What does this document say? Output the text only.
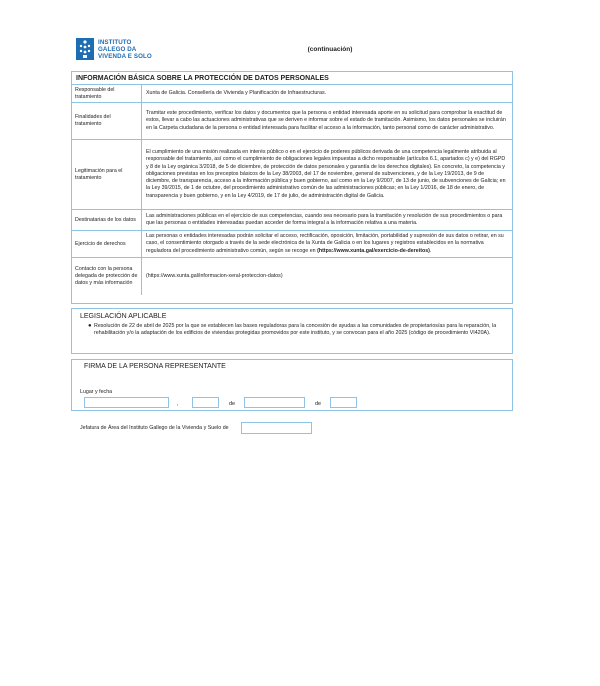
INSTITUTO
GALEGO DA
VIVENDA E SOLO
(continuación)
INFORMACIÓN BÁSICA SOBRE LA PROTECCIÓN DE DATOS PERSONALES
Responsable del tratamiento
Xunta de Galicia. Consellería de Vivienda y Planificación de Infraestructuras.
Finalidades del tratamiento
Tramitar este procedimiento, verificar los datos y documentos que la persona o entidad interesada aporte en su solicitud para comprobar la exactitud de estos, llevar a cabo las actuaciones administrativas que se deriven e informar sobre el estado de tramitación. Asimismo, los datos personales se incluirán en la Carpeta ciudadana de la persona o entidad interesada para facilitar el acceso a la información, tanto personal como de carácter administrativo.
Legitimación para el tratamiento
El cumplimiento de una misión realizada en interés público o en el ejercicio de poderes públicos derivada de una competencia legalmente atribuida al responsable del tratamiento, así como el cumplimiento de obligaciones legales impuestas a dicho responsable (artículos 6.1, apartados c) y e) del RGPD y 8 de la Ley orgánica 3/2018, de 5 de diciembre, de protección de datos personales y garantía de los derechos digitales). En concreto, la competencia y obligaciones previstas en los preceptos básicos de la Ley 38/2003, del 17 de noviembre, general de subvenciones, y de la Ley 19/2013, de 9 de diciembre, de transparencia, acceso a la información pública y buen gobierno, así como en la Ley 9/2007, de 13 de junio, de subvenciones de Galicia; en la Ley 39/2015, de 1 de octubre, del procedimiento administrativo común de las administraciones públicas; en la Ley 1/2016, de 18 de enero, de transparencia y buen gobierno, y en la Ley 4/2019, de 17 de julio, de administración digital de Galicia.
Destinatarias de los datos
Las administraciones públicas en el ejercicio de sus competencias, cuando sea necesario para la tramitación y resolución de sus procedimientos o para que las personas o entidades interesadas puedan acceder de forma integral a la información relativa a una materia.
Ejercicio de derechos
Las personas o entidades interesadas podrán solicitar el acceso, rectificación, oposición, limitación, portabilidad y supresión de sus datos o retirar, en su caso, el consentimiento otorgado a través de la sede electrónica de la Xunta de Galicia o en los lugares y registros establecidos en la normativa reguladora del procedimiento administrativo común, según se recoge en (https://www.xunta.gal/exercicio-de-dereitos).
Contacto con la persona delegada de protección de datos y más información
(https://www.xunta.gal/informacion-xeral-proteccion-datos)
LEGISLACIÓN APLICABLE
● Resolución de 22 de abril de 2025 por la que se establecen las bases reguladoras para la concesión de ayudas a las comunidades de propietarios/as para la reparación, la rehabilitación y/o la adaptación de los edificios de viviendas protegidas promovidos por este instituto, y se convocan para el año 2025 (código de procedimiento VI420A).
FIRMA DE LA PERSONA REPRESENTANTE
Lugar y fecha
,	de	de
Jefatura de Área del Instituto Gallego de la Vivienda y Suelo de
